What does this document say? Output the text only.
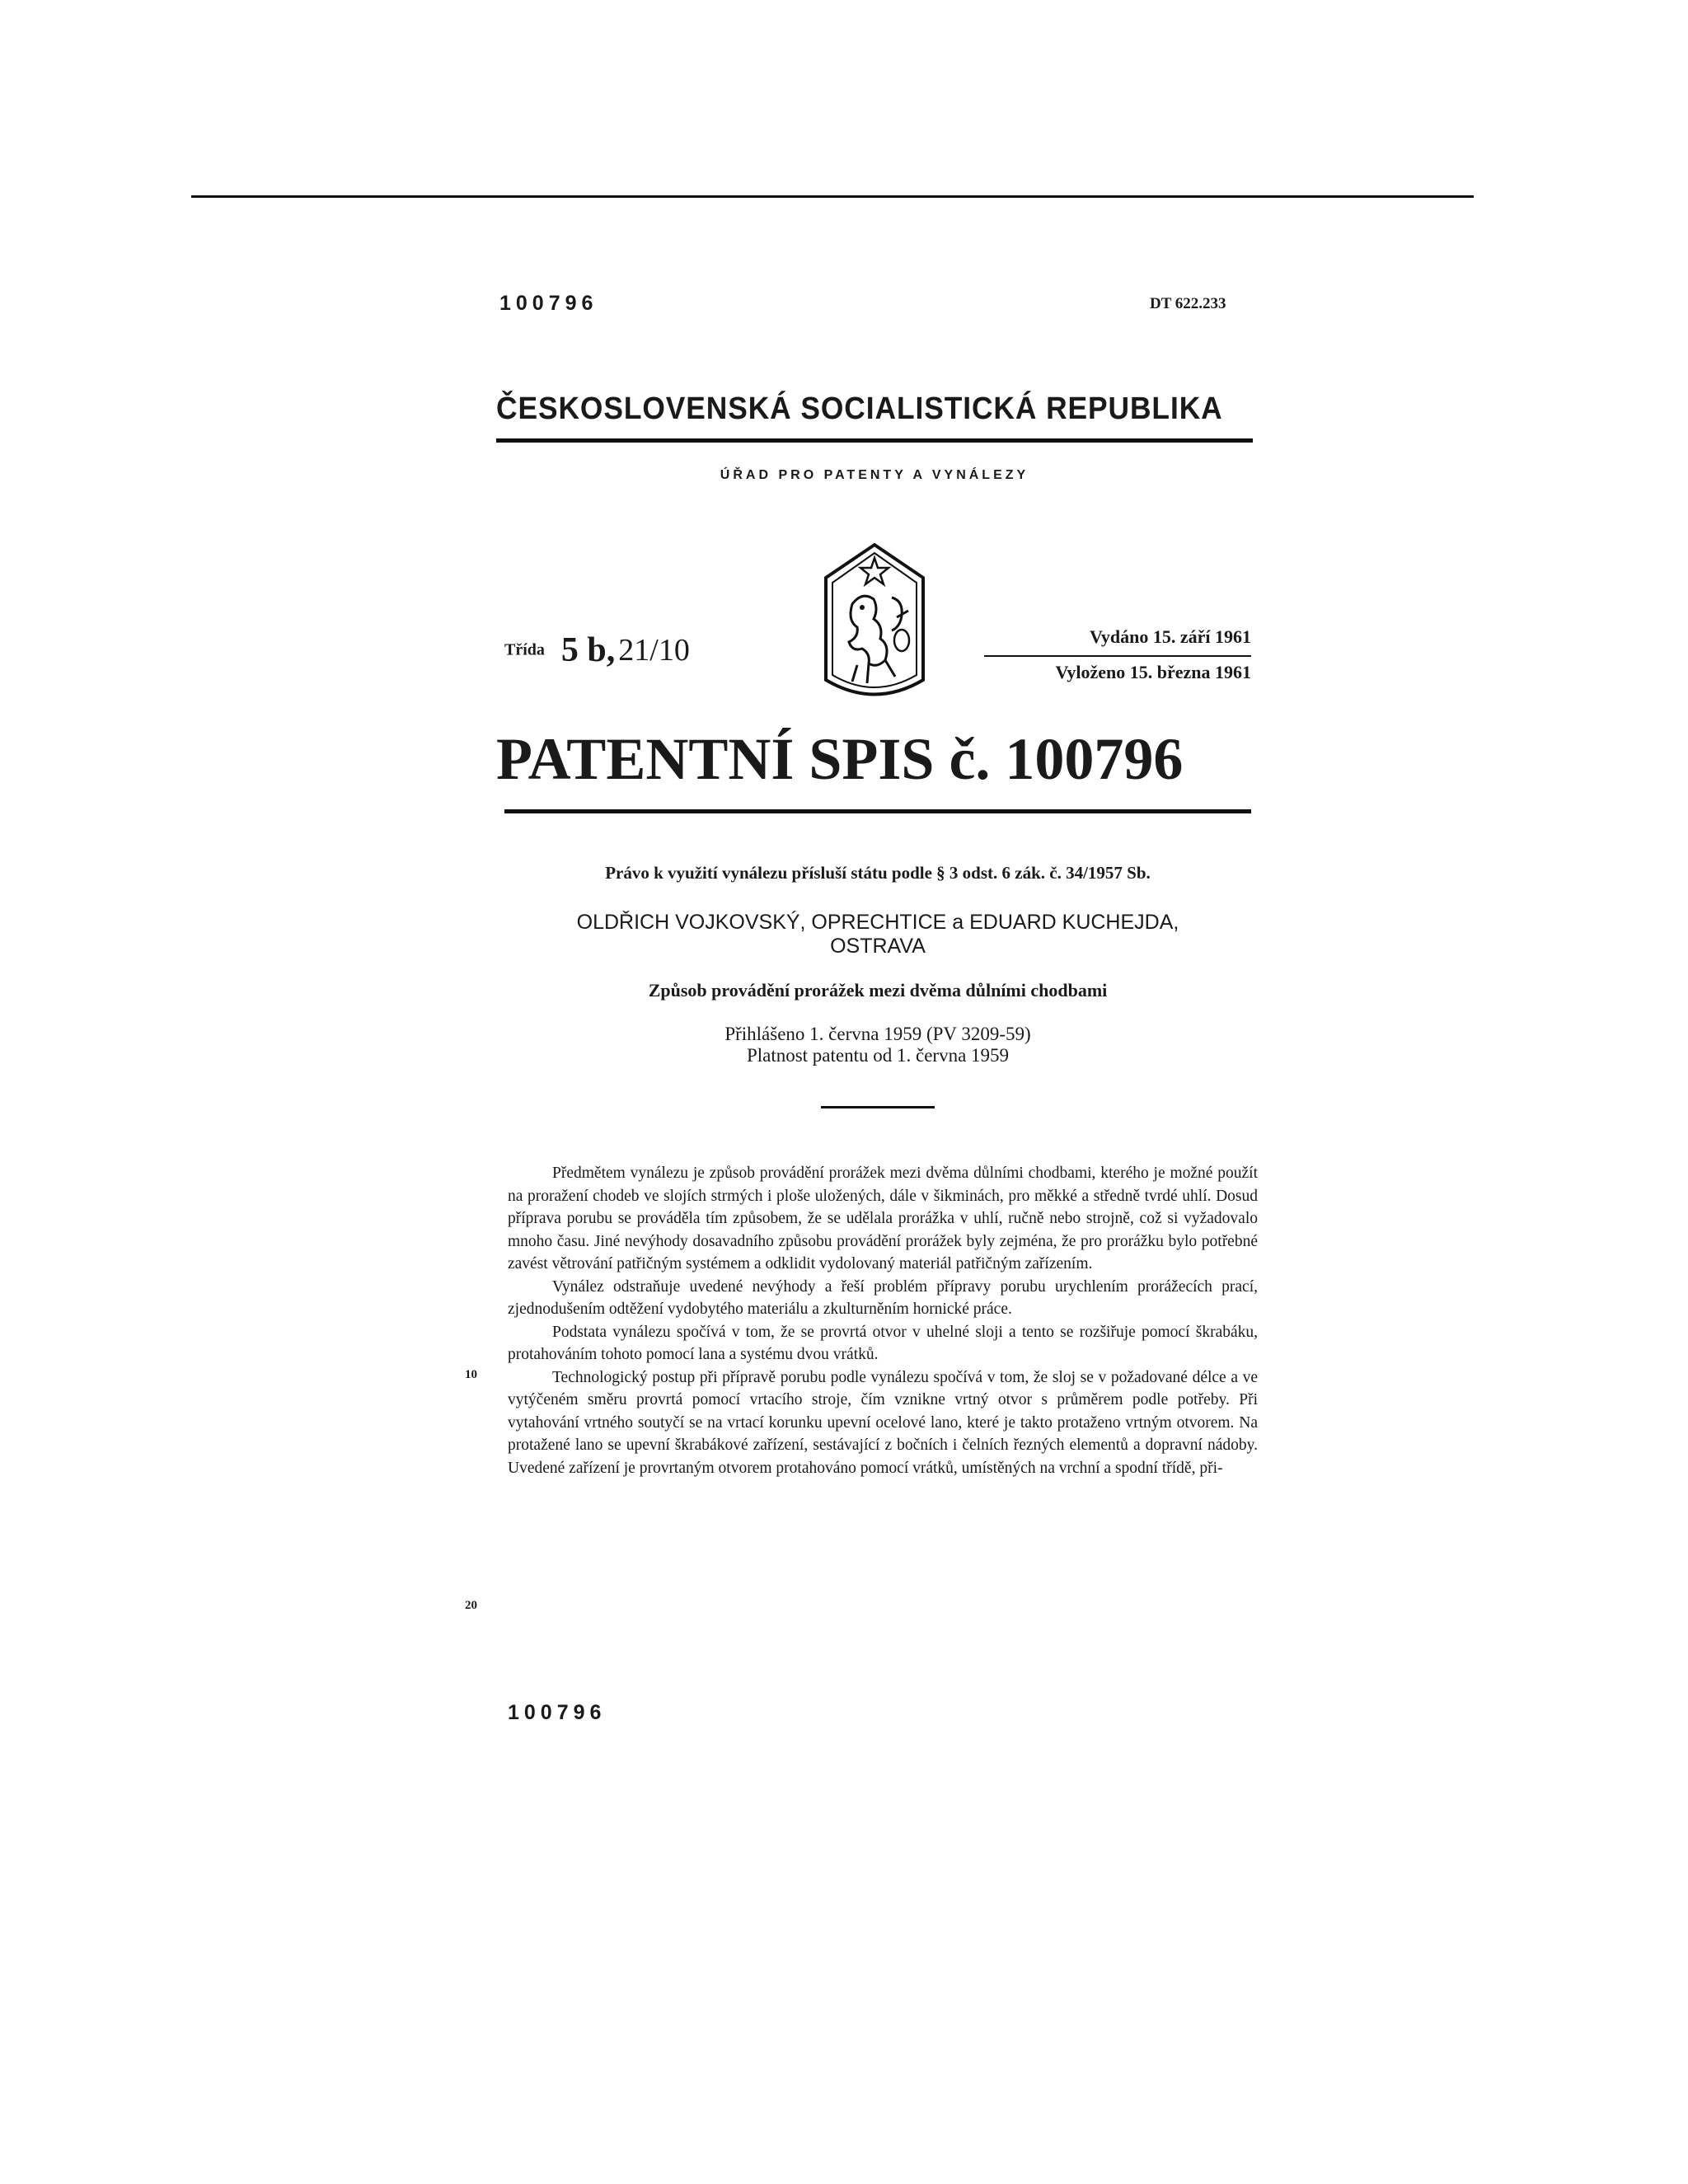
100796	DT 622.233
ČESKOSLOVENSKÁ SOCIALISTICKÁ REPUBLIKA
ÚŘAD PRO PATENTY A VYNÁLEZY
Třída 5 b, 21/10	Vydáno 15. září 1961
Vyloženo 15. března 1961
PATENTNÍ SPIS č. 100796
Právo k využití vynálezu přísluší státu podle § 3 odst. 6 zák. č. 34/1957 Sb.
OLDŘICH VOJKOVSKÝ, OPRECHTICE a EDUARD KUCHEJDA,
OSTRAVA
Způsob provádění prorážek mezi dvěma důlními chodbami
Přihlášeno 1. června 1959 (PV 3209-59)
Platnost patentu od 1. června 1959

Předmětem vynálezu je způsob provádění prorážek mezi dvěma důlními chodbami, kterého je možné použít na proražení chodeb ve slojích strmých i ploše uložených, dále v šikminách, pro měkké a středně tvrdé uhlí. Dosud příprava porubu se prováděla tím způsobem, že se udělala prorážka v uhlí, ručně nebo strojně, což si vyžadovalo mnoho času. Jiné nevýhody dosavadního způsobu provádění prorážek byly zejména, že pro prorážku bylo potřebné zavést větrování patřičným systémem a odklidit vydolovaný materiál patřičným zařízením.

Vynález odstraňuje uvedené nevýhody a řeší problém přípravy porubu urychlením prorážecích prací, zjednodušením odtěžení vydobytého materiálu a zkulturněním hornické práce.

Podstata vynálezu spočívá v tom, že se provrtá otvor v uhelné sloji a tento se rozšiřuje pomocí škrabáku, protahováním tohoto pomocí lana a systému dvou vrátků.

Technologický postup při přípravě porubu podle vynálezu spočívá v tom, že sloj se v požadované délce a ve vytýčeném směru provrtá pomocí vrtacího stroje, čím vznikne vrtný otvor s průměrem podle potřeby. Při vytahování vrtného soutyčí se na vrtací korunku upevní ocelové lano, které je takto protaženo vrtným otvorem. Na protažené lano se upevní škrabákové zařízení, sestávající z bočních i čelních řezných elementů a dopravní nádoby. Uvedené zařízení je provrtaným otvorem protahováno pomocí vrátků, umístěných na vrchní a spodní třídě, při-

10
20
100796
